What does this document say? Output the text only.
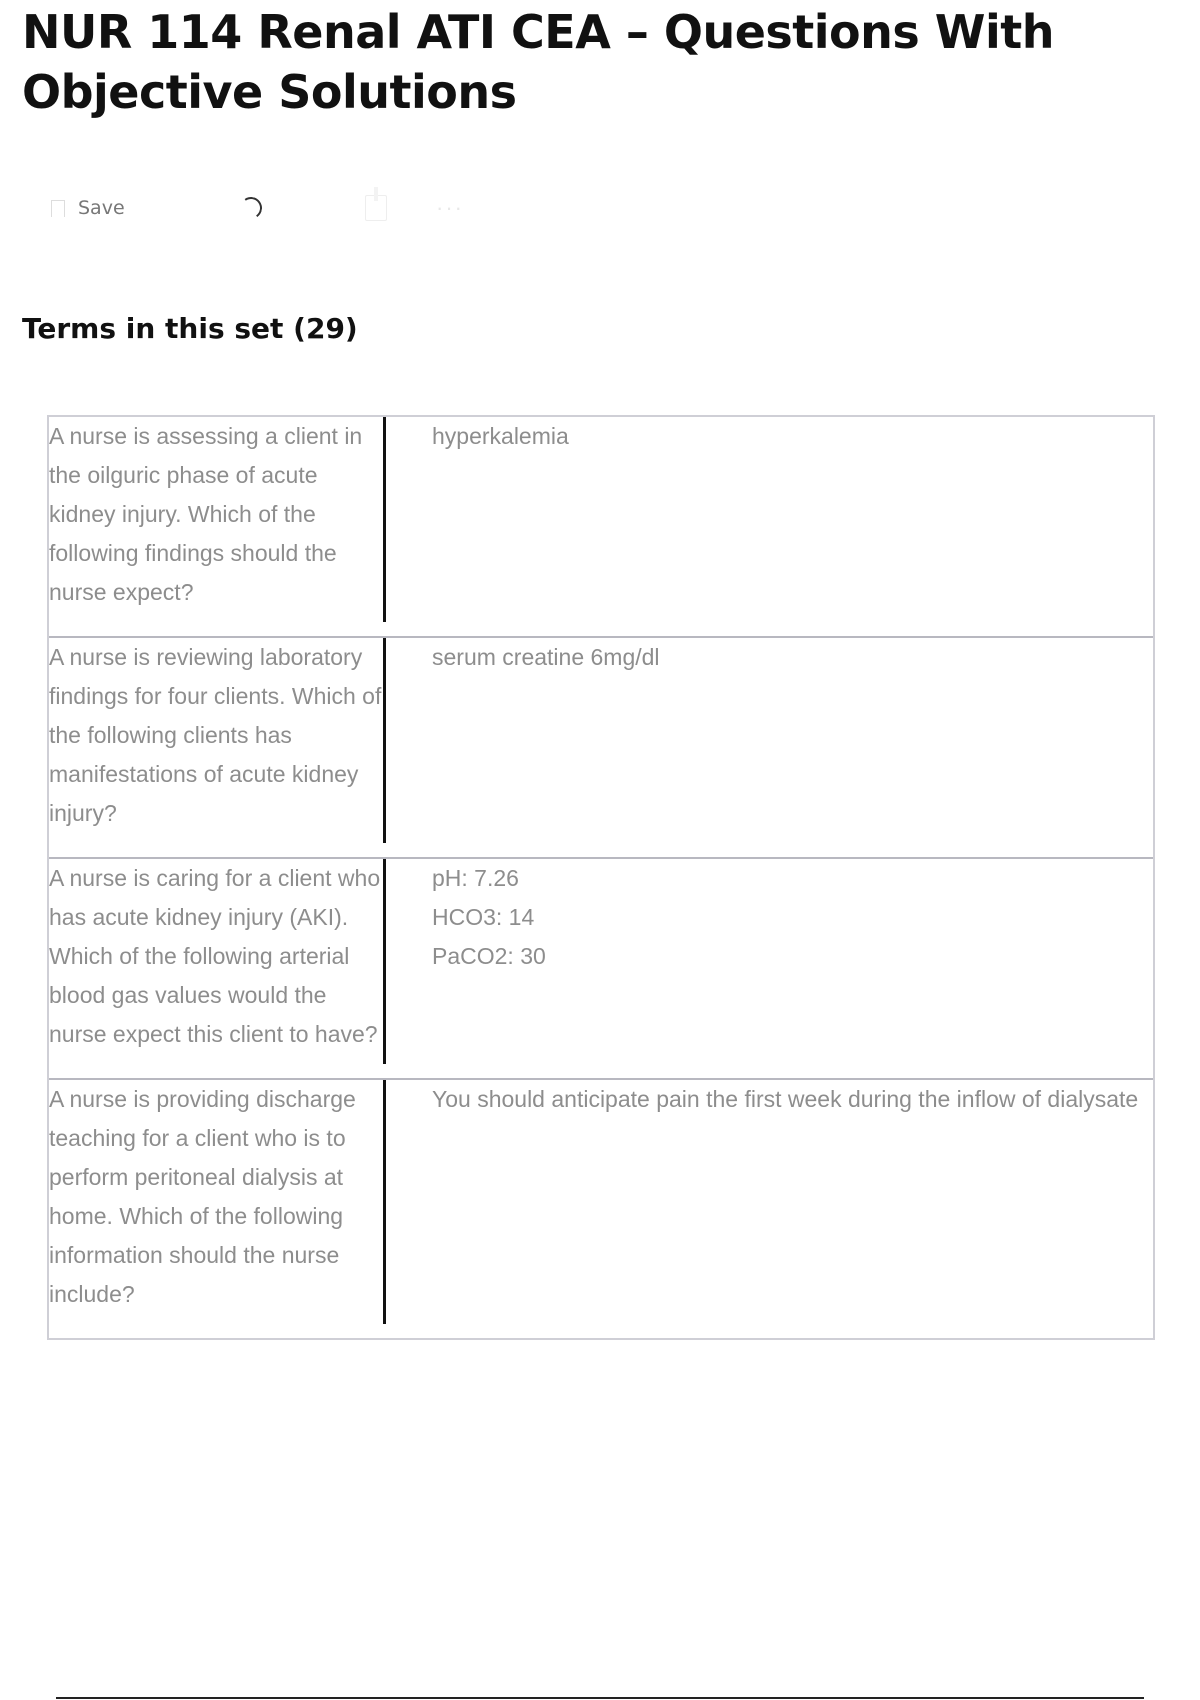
NUR 114 Renal ATI CEA – Questions With Objective Solutions
Save	···
Terms in this set (29)
A nurse is assessing a client in the oilguric phase of acute kidney injury. Which of the following findings should the nurse expect?
hyperkalemia
A nurse is reviewing laboratory findings for four clients. Which of the following clients has manifestations of acute kidney injury?
serum creatine 6mg/dl
A nurse is caring for a client who has acute kidney injury (AKI). Which of the following arterial blood gas values would the nurse expect this client to have?
pH: 7.26
HCO3: 14
PaCO2: 30
A nurse is providing discharge teaching for a client who is to perform peritoneal dialysis at home. Which of the following information should the nurse include?
You should anticipate pain the first week during the inflow of dialysate
